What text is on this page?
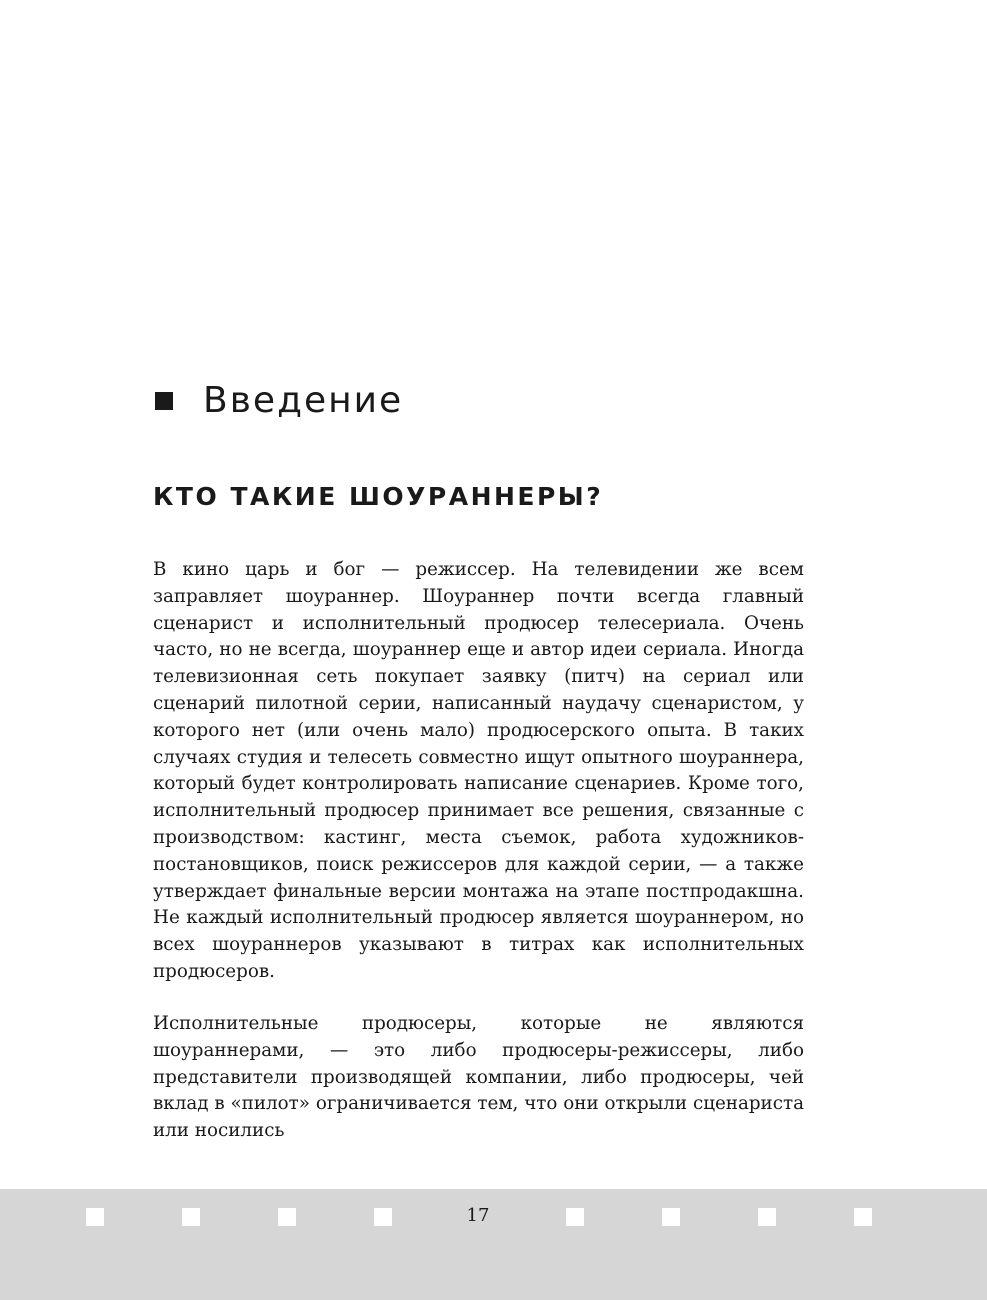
Введение
КТО ТАКИЕ ШОУРАННЕРЫ?

В кино царь и бог — режиссер. На телевидении же всем заправляет шоураннер. Шоураннер почти всегда главный сценарист и исполнительный продюсер телесериала. Очень часто, но не всегда, шоураннер еще и автор идеи сериала. Иногда телевизионная сеть покупает заявку (питч) на сериал или сценарий пилотной серии, написанный наудачу сценаристом, у которого нет (или очень мало) продюсерского опыта. В таких случаях студия и телесеть совместно ищут опытного шоураннера, который будет контролировать написание сценариев. Кроме того, исполнительный продюсер принимает все решения, связанные с производством: кастинг, места съемок, работа художников-постановщиков, поиск режиссеров для каждой серии, — а также утверждает финальные версии монтажа на этапе постпродакшна. Не каждый исполнительный продюсер является шоураннером, но всех шоураннеров указывают в титрах как исполнительных продюсеров.

Исполнительные продюсеры, которые не являются шоураннерами, — это либо продюсеры-режиссеры, либо представители производящей компании, либо продюсеры, чей вклад в «пилот» ограничивается тем, что они открыли сценариста или носились

17
